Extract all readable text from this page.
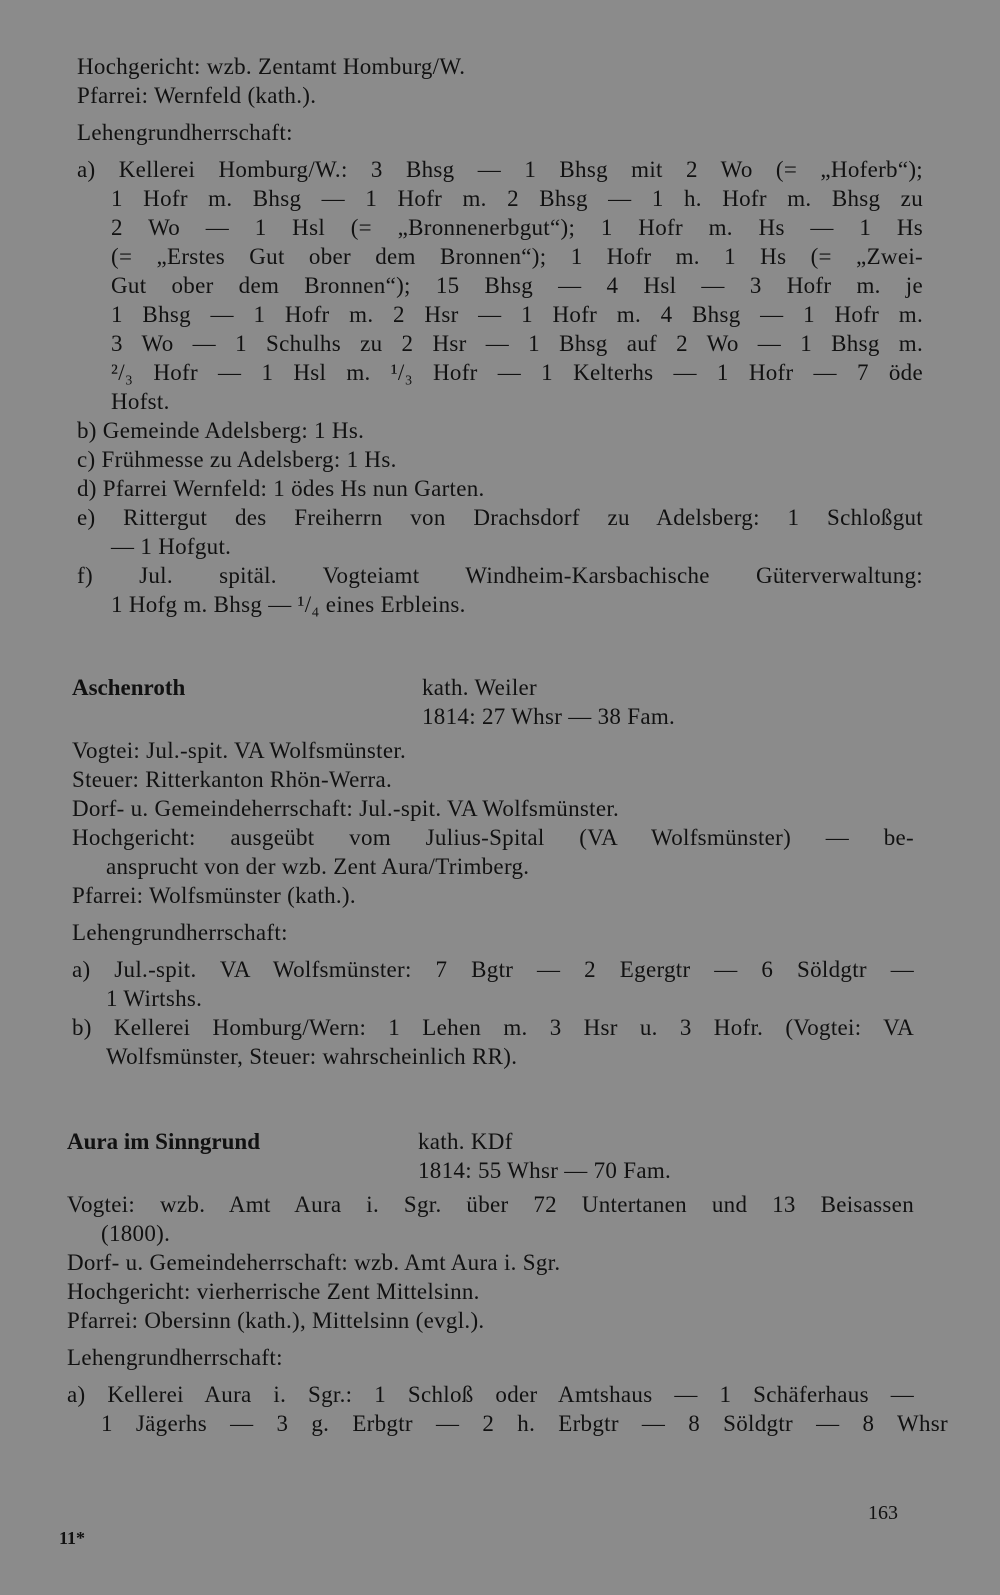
Hochgericht: wzb. Zentamt Homburg/W.

Pfarrei: Wernfeld (kath.).

Lehengrundherrschaft:

a) Kellerei Homburg/W.: 3 Bhsg — 1 Bhsg mit 2 Wo (= „Hoferb“);

1 Hofr m. Bhsg — 1 Hofr m. 2 Bhsg — 1 h. Hofr m. Bhsg zu

2 Wo — 1 Hsl (= „Bronnenerbgut“); 1 Hofr m. Hs — 1 Hs

(= „Erstes Gut ober dem Bronnen“); 1 Hofr m. 1 Hs (= „Zwei-

Gut ober dem Bronnen“); 15 Bhsg — 4 Hsl — 3 Hofr m. je

1 Bhsg — 1 Hofr m. 2 Hsr — 1 Hofr m. 4 Bhsg — 1 Hofr m.

3 Wo — 1 Schulhs zu 2 Hsr — 1 Bhsg auf 2 Wo — 1 Bhsg m.

²/₃ Hofr — 1 Hsl m. ¹/₃ Hofr — 1 Kelterhs — 1 Hofr — 7 öde

Hofst.

b) Gemeinde Adelsberg: 1 Hs.

c) Frühmesse zu Adelsberg: 1 Hs.

d) Pfarrei Wernfeld: 1 ödes Hs nun Garten.

e) Rittergut des Freiherrn von Drachsdorf zu Adelsberg: 1 Schloßgut

— 1 Hofgut.

f) Jul. spitäl. Vogteiamt Windheim-Karsbachische Güterverwaltung:

1 Hofg m. Bhsg — ¹/₄ eines Erbleins.

Aschenroth	kath. Weiler

1814: 27 Whsr — 38 Fam.

Vogtei: Jul.-spit. VA Wolfsmünster.

Steuer: Ritterkanton Rhön-Werra.

Dorf- u. Gemeindeherrschaft: Jul.-spit. VA Wolfsmünster.

Hochgericht: ausgeübt vom Julius-Spital (VA Wolfsmünster) — be-

ansprucht von der wzb. Zent Aura/Trimberg.

Pfarrei: Wolfsmünster (kath.).

Lehengrundherrschaft:

a) Jul.-spit. VA Wolfsmünster: 7 Bgtr — 2 Egergtr — 6 Söldgtr —

1 Wirtshs.

b) Kellerei Homburg/Wern: 1 Lehen m. 3 Hsr u. 3 Hofr. (Vogtei: VA

Wolfsmünster, Steuer: wahrscheinlich RR).

Aura im Sinngrund	kath. KDf

1814: 55 Whsr — 70 Fam.

Vogtei: wzb. Amt Aura i. Sgr. über 72 Untertanen und 13 Beisassen

(1800).

Dorf- u. Gemeindeherrschaft: wzb. Amt Aura i. Sgr.

Hochgericht: vierherrische Zent Mittelsinn.

Pfarrei: Obersinn (kath.), Mittelsinn (evgl.).

Lehengrundherrschaft:

a) Kellerei Aura i. Sgr.: 1 Schloß oder Amtshaus — 1 Schäferhaus —

1 Jägerhs — 3 g. Erbgtr — 2 h. Erbgtr — 8 Söldgtr — 8 Whsr

163

11*
